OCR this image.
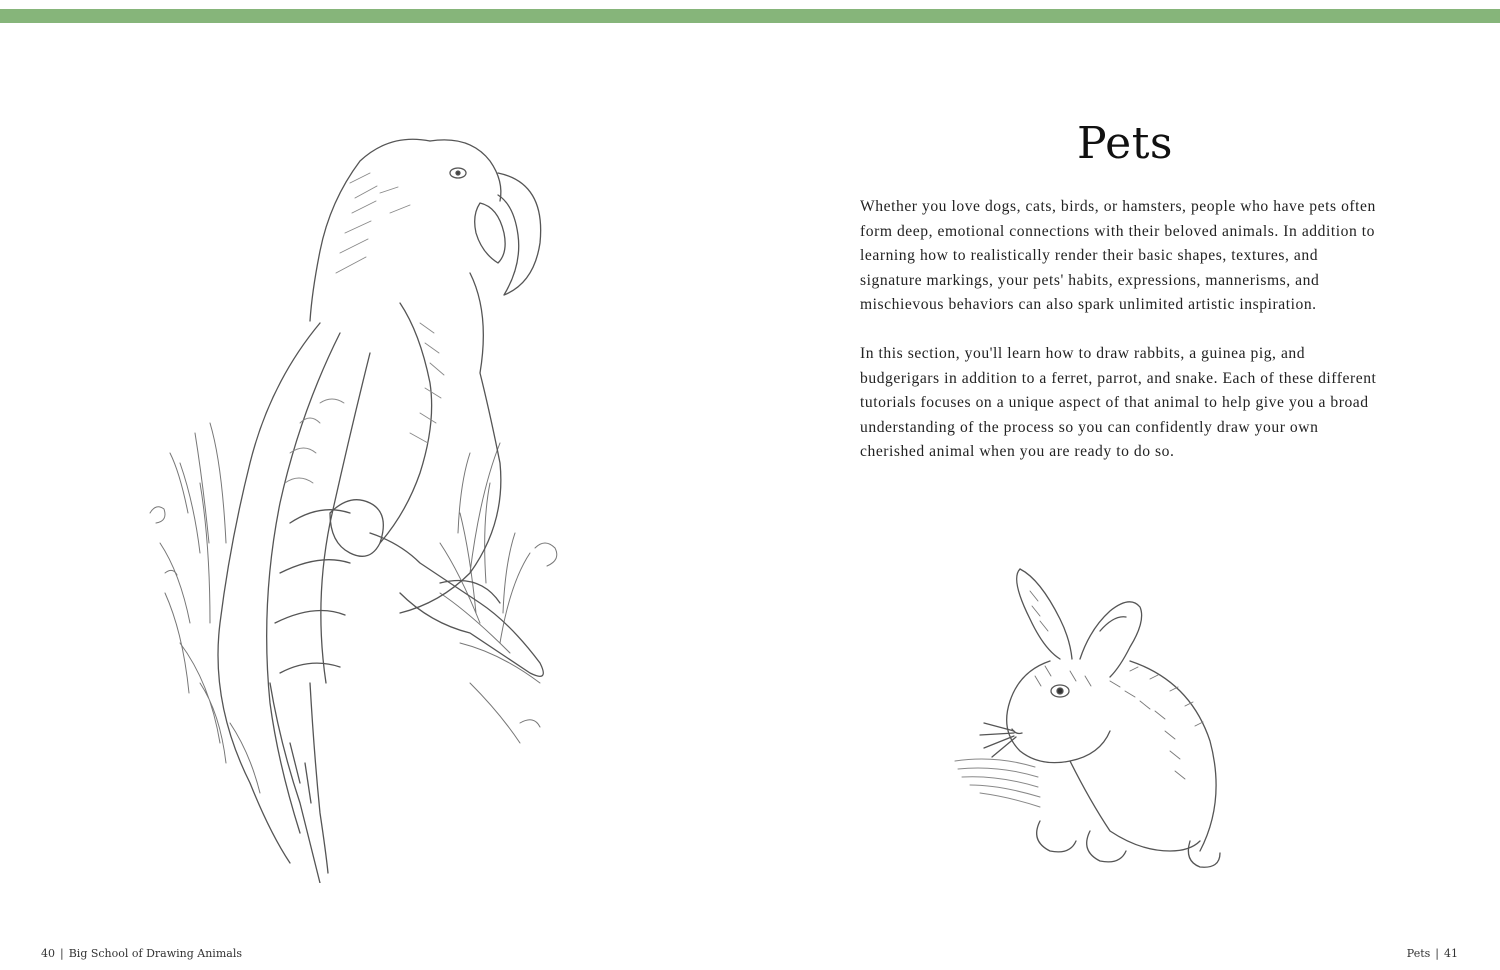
40 | Big School of Drawing Animals
Pets

Whether you love dogs, cats, birds, or hamsters, people who have pets often form deep, emotional connections with their beloved animals. In addition to learning how to realistically render their basic shapes, textures, and signature markings, your pets' habits, expressions, mannerisms, and mischievous behaviors can also spark unlimited artistic inspiration.

In this section, you'll learn how to draw rabbits, a guinea pig, and budgerigars in addition to a ferret, parrot, and snake. Each of these different tutorials focuses on a unique aspect of that animal to help give you a broad understanding of the process so you can confidently draw your own cherished animal when you are ready to do so.

Pets | 41
